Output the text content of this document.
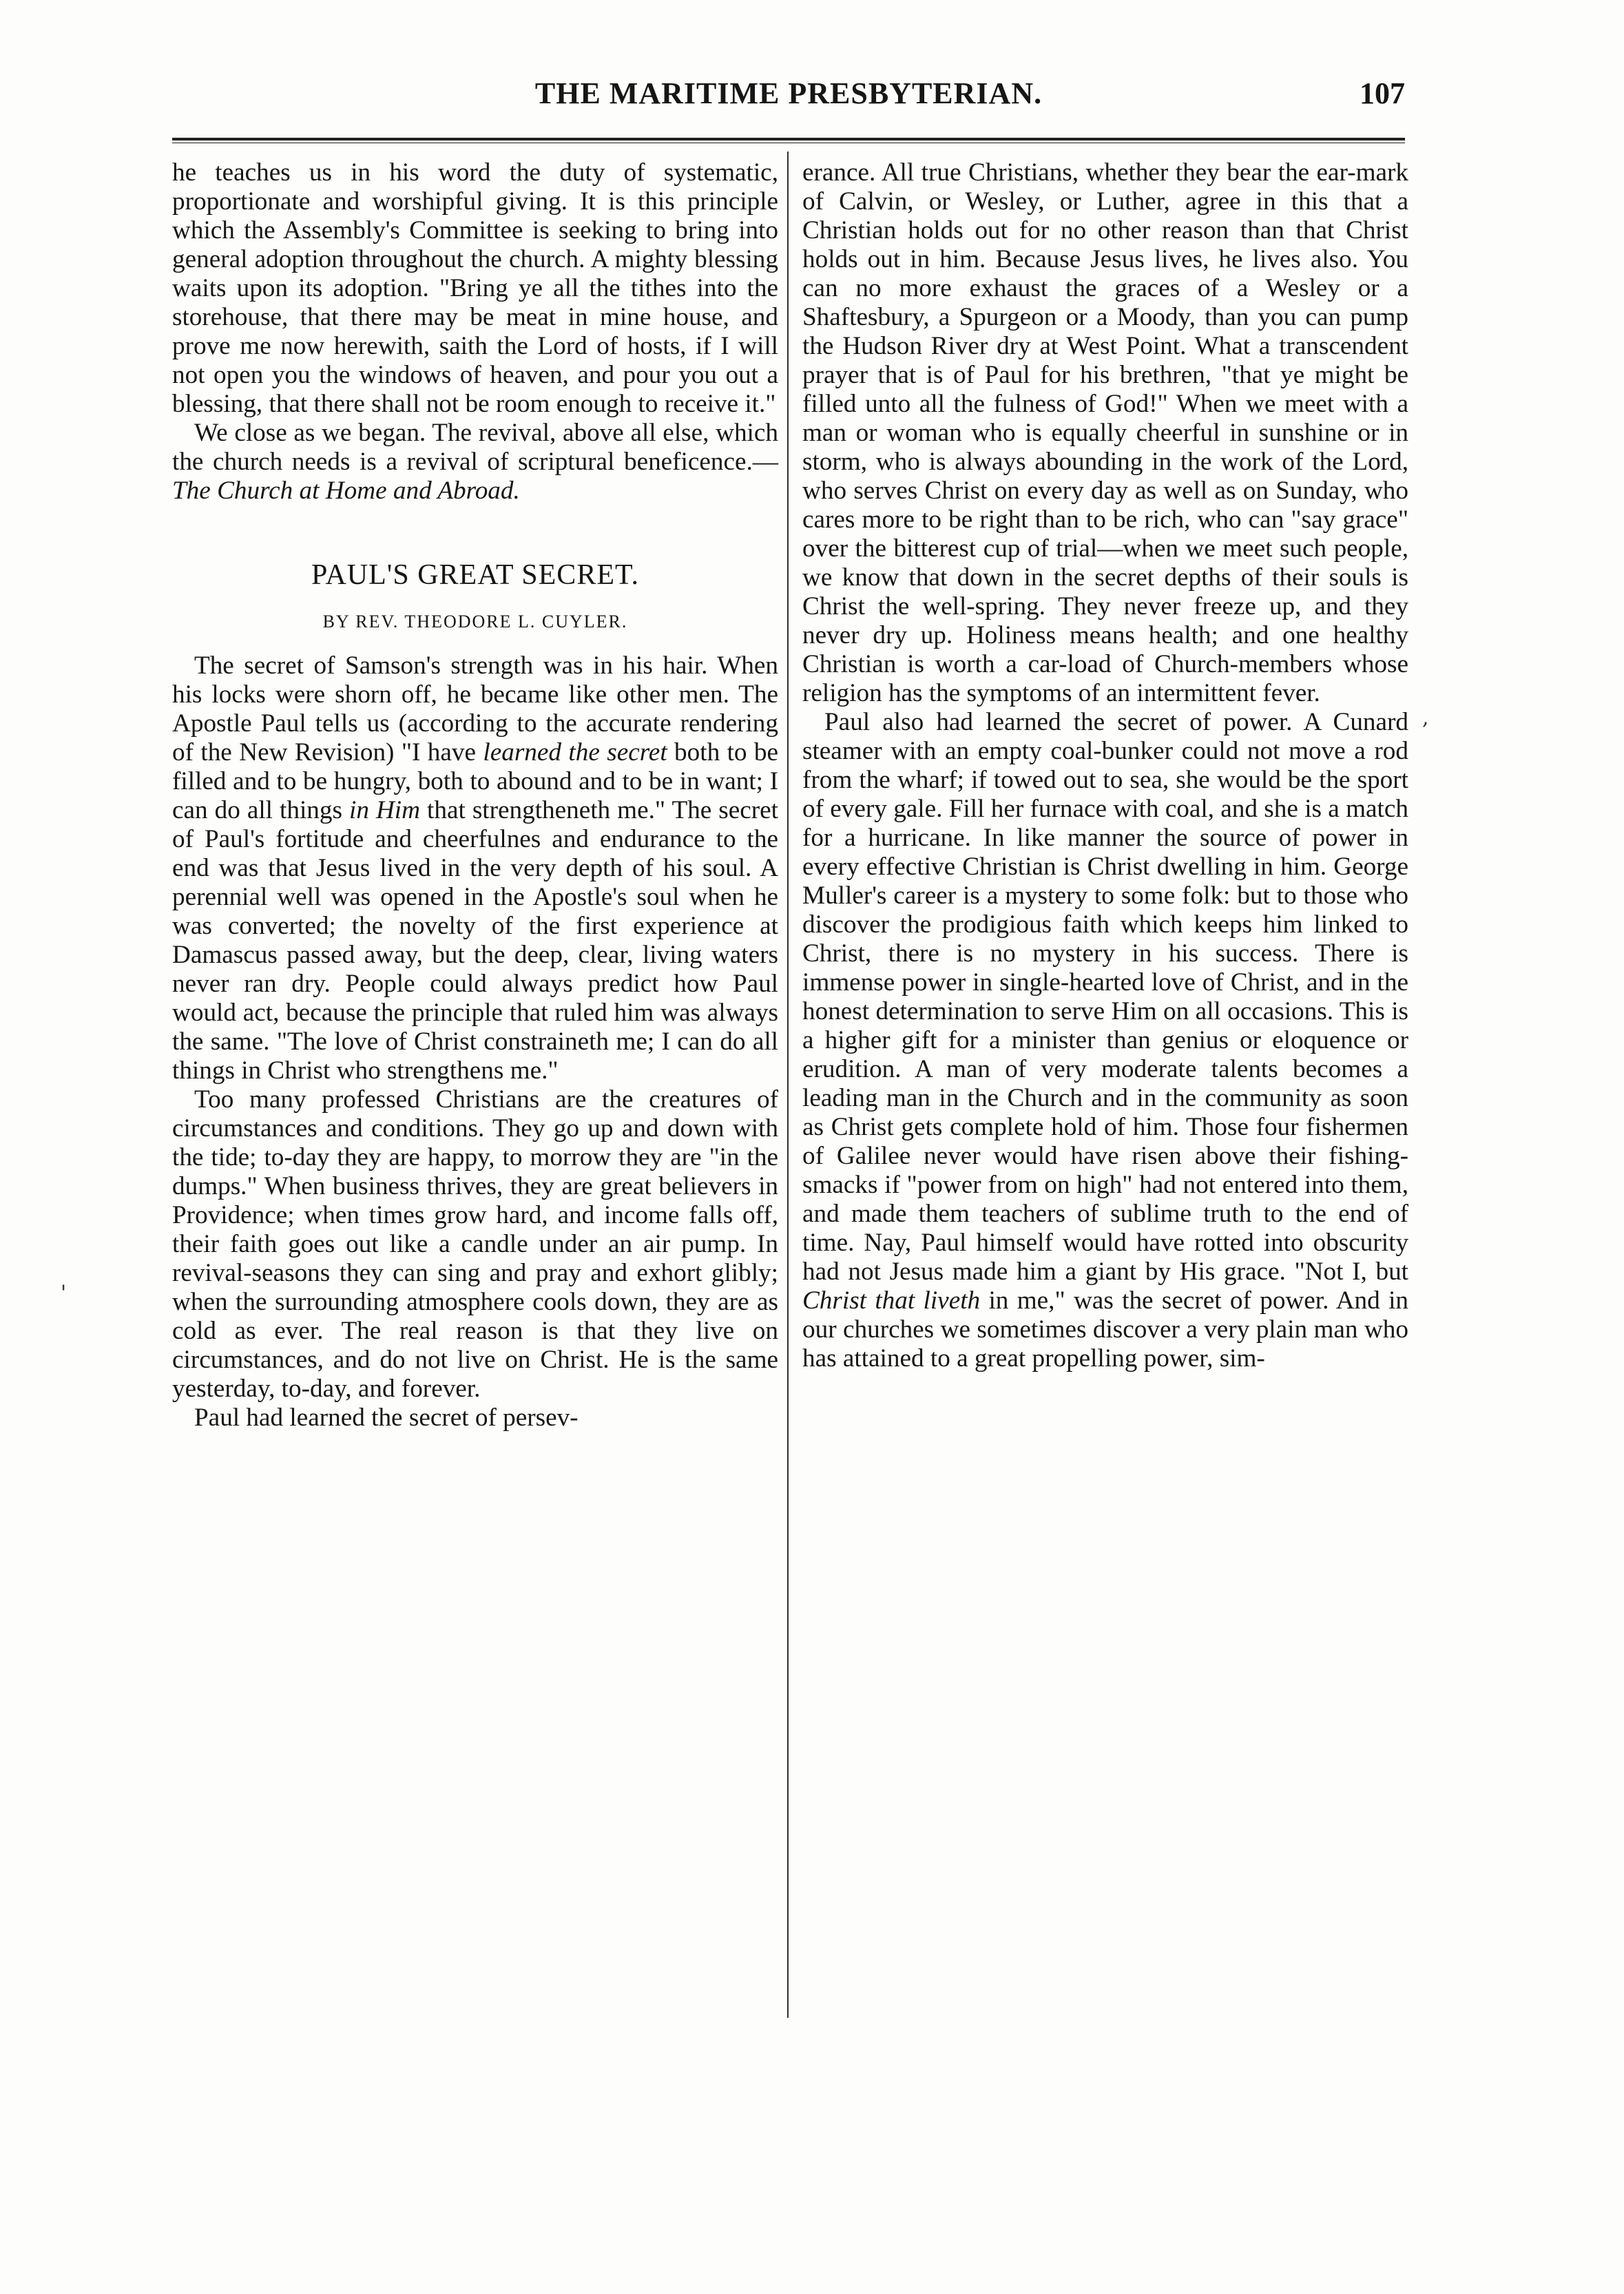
THE MARITIME PRESBYTERIAN.	107

he teaches us in his word the duty of systematic, proportionate and worshipful giving. It is this principle which the Assembly's Committee is seeking to bring into general adoption throughout the church. A mighty blessing waits upon its adoption. "Bring ye all the tithes into the storehouse, that there may be meat in mine house, and prove me now herewith, saith the Lord of hosts, if I will not open you the windows of heaven, and pour you out a blessing, that there shall not be room enough to receive it."

We close as we began. The revival, above all else, which the church needs is a revival of scriptural beneficence.—The Church at Home and Abroad.

PAUL'S GREAT SECRET.
BY REV. THEODORE L. CUYLER.

The secret of Samson's strength was in his hair. When his locks were shorn off, he became like other men. The Apostle Paul tells us (according to the accurate rendering of the New Revision) "I have learned the secret both to be filled and to be hungry, both to abound and to be in want; I can do all things in Him that strengtheneth me." The secret of Paul's fortitude and cheerfulnes and endurance to the end was that Jesus lived in the very depth of his soul. A perennial well was opened in the Apostle's soul when he was converted; the novelty of the first experience at Damascus passed away, but the deep, clear, living waters never ran dry. People could always predict how Paul would act, because the principle that ruled him was always the same. "The love of Christ constraineth me; I can do all things in Christ who strengthens me."

Too many professed Christians are the creatures of circumstances and conditions. They go up and down with the tide; to-day they are happy, to morrow they are "in the dumps." When business thrives, they are great believers in Providence; when times grow hard, and income falls off, their faith goes out like a candle under an air pump. In revival-seasons they can sing and pray and exhort glibly; when the surrounding atmosphere cools down, they are as cold as ever. The real reason is that they live on circumstances, and do not live on Christ. He is the same yesterday, to-day, and forever.

Paul had learned the secret of persev-

erance. All true Christians, whether they bear the ear-mark of Calvin, or Wesley, or Luther, agree in this that a Christian holds out for no other reason than that Christ holds out in him. Because Jesus lives, he lives also. You can no more exhaust the graces of a Wesley or a Shaftesbury, a Spurgeon or a Moody, than you can pump the Hudson River dry at West Point. What a transcendent prayer that is of Paul for his brethren, "that ye might be filled unto all the fulness of God!" When we meet with a man or woman who is equally cheerful in sunshine or in storm, who is always abounding in the work of the Lord, who serves Christ on every day as well as on Sunday, who cares more to be right than to be rich, who can "say grace" over the bitterest cup of trial—when we meet such people, we know that down in the secret depths of their souls is Christ the well-spring. They never freeze up, and they never dry up. Holiness means health; and one healthy Christian is worth a car-load of Church-members whose religion has the symptoms of an intermittent fever.

Paul also had learned the secret of power. A Cunard steamer with an empty coal-bunker could not move a rod from the wharf; if towed out to sea, she would be the sport of every gale. Fill her furnace with coal, and she is a match for a hurricane. In like manner the source of power in every effective Christian is Christ dwelling in him. George Muller's career is a mystery to some folk: but to those who discover the prodigious faith which keeps him linked to Christ, there is no mystery in his success. There is immense power in single-hearted love of Christ, and in the honest determination to serve Him on all occasions. This is a higher gift for a minister than genius or eloquence or erudition. A man of very moderate talents becomes a leading man in the Church and in the community as soon as Christ gets complete hold of him. Those four fishermen of Galilee never would have risen above their fishing-smacks if "power from on high" had not entered into them, and made them teachers of sublime truth to the end of time. Nay, Paul himself would have rotted into obscurity had not Jesus made him a giant by His grace. "Not I, but Christ that liveth in me," was the secret of power. And in our churches we sometimes discover a very plain man who has attained to a great propelling power, sim-

'
,
